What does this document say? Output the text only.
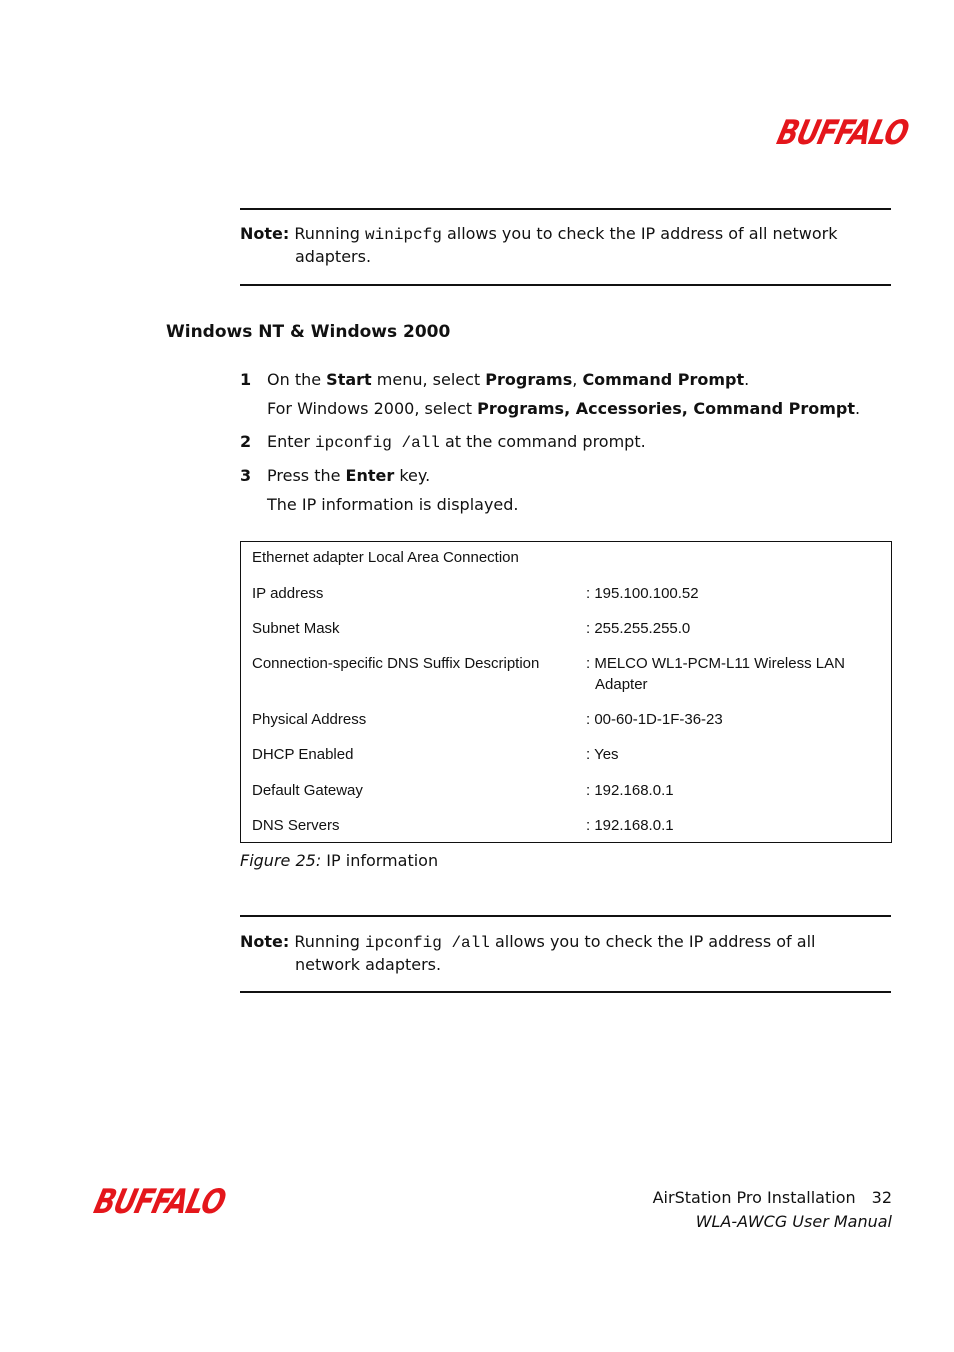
BUFFALO
Note: Running winipcfg allows you to check the IP address of all network
adapters.
Windows NT & Windows 2000
1 On the Start menu, select Programs, Command Prompt.
For Windows 2000, select Programs, Accessories, Command Prompt.
2 Enter ipconfig /all at the command prompt.
3 Press the Enter key.
The IP information is displayed.
Ethernet adapter Local Area Connection
IP address	: 195.100.100.52
Subnet Mask	: 255.255.255.0
Connection-specific DNS Suffix Description	: MELCO WL1-PCM-L11 Wireless LAN
Adapter
Physical Address	: 00-60-1D-1F-36-23
DHCP Enabled	: Yes
Default Gateway	: 192.168.0.1
DNS Servers	: 192.168.0.1
Figure 25: IP information
Note: Running ipconfig /all allows you to check the IP address of all
network adapters.
BUFFALO	AirStation Pro Installation 32
WLA-AWCG User Manual
